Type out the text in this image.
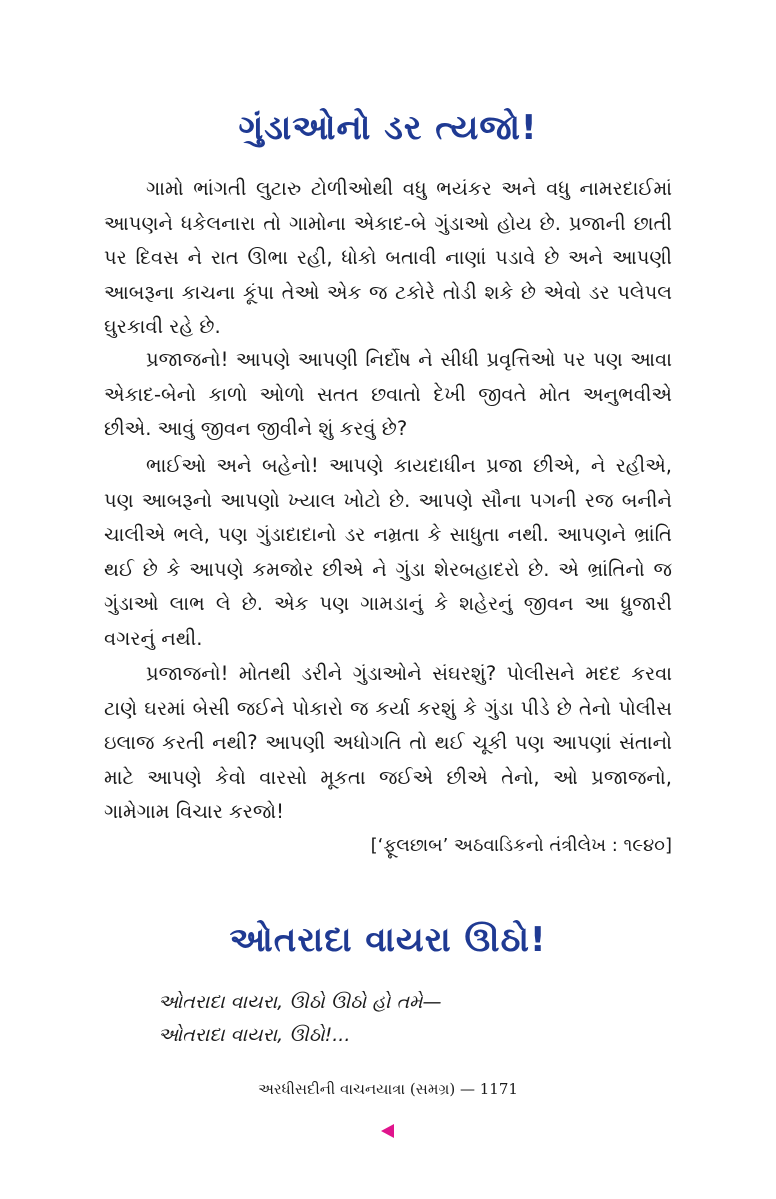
ગુંડાઓનો ડર ત્યજો!

ગામો ભાંગતી લુટારુ ટોળીઓથી વધુ ભયંકર અને વધુ નામરદાઈમાં આપણને ધકેલનારા તો ગામોના એકાદ-બે ગુંડાઓ હોય છે. પ્રજાની છાતી પર દિવસ ને રાત ઊભા રહી, ધોકો બતાવી નાણાં પડાવે છે અને આપણી આબરૂના કાચના કૂંપા તેઓ એક જ ટકોરે તોડી શકે છે એવો ડર પલેપલ ઘુરકાવી રહે છે.

પ્રજાજનો! આપણે આપણી નિર્દોષ ને સીધી પ્રવૃત્તિઓ પર પણ આવા એકાદ-બેનો કાળો ઓળો સતત છવાતો દેખી જીવતે મોત અનુભવીએ છીએ. આવું જીવન જીવીને શું કરવું છે?

ભાઈઓ અને બહેનો! આપણે કાયદાધીન પ્રજા છીએ, ને રહીએ, પણ આબરૂનો આપણો ખ્યાલ ખોટો છે. આપણે સૌના પગની રજ બનીને ચાલીએ ભલે, પણ ગુંડાદાદાનો ડર નમ્રતા કે સાધુતા નથી. આપણને ભ્રાંતિ થઈ છે કે આપણે કમજોર છીએ ને ગુંડા શેરબહાદરો છે. એ ભ્રાંતિનો જ ગુંડાઓ લાભ લે છે. એક પણ ગામડાનું કે શહેરનું જીવન આ ધ્રુજારી વગરનું નથી.

પ્રજાજનો! મોતથી ડરીને ગુંડાઓને સંઘરશું? પોલીસને મદદ કરવા ટાણે ઘરમાં બેસી જઈને પોકારો જ કર્યા કરશું કે ગુંડા પીડે છે તેનો પોલીસ ઇલાજ કરતી નથી? આપણી અધોગતિ તો થઈ ચૂકી પણ આપણાં સંતાનો માટે આપણે કેવો વારસો મૂકતા જઈએ છીએ તેનો, ઓ પ્રજાજનો, ગામેગામ વિચાર કરજો!

[‘ફૂલછાબ’ અઠવાડિકનો તંત્રીલેખ : ૧૯૪૦]
ઓતરાદા વાયરા ઊઠો!
ઓતરાદા વાયરા, ઊઠો ઊઠો હો તમે—
ઓતરાદા વાયરા, ઊઠો!...
અરધીસદીની વાચનયાત્રા (સમગ્ર) — 1171
